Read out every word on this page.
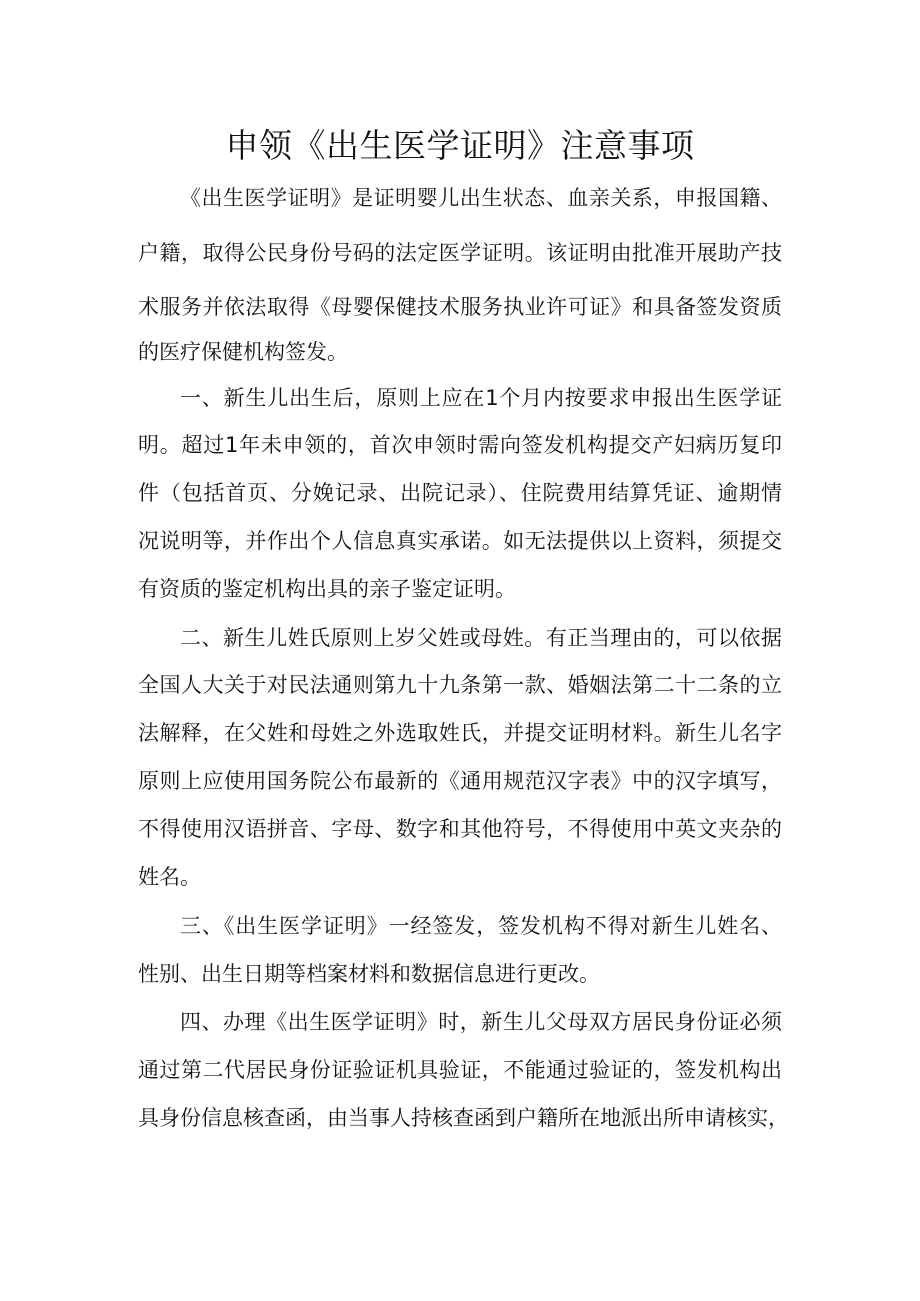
申领《出生医学证明》注意事项
《出生医学证明》是证明婴儿出生状态、血亲关系，申报国籍、
户籍，取得公民身份号码的法定医学证明。该证明由批准开展助产技
术服务并依法取得《母婴保健技术服务执业许可证》和具备签发资质
的医疗保健机构签发。
一、新生儿出生后，原则上应在1个月内按要求申报出生医学证
明。超过1年未申领的，首次申领时需向签发机构提交产妇病历复印
件（包括首页、分娩记录、出院记录）、住院费用结算凭证、逾期情
况说明等，并作出个人信息真实承诺。如无法提供以上资料，须提交
有资质的鉴定机构出具的亲子鉴定证明。
二、新生儿姓氏原则上岁父姓或母姓。有正当理由的，可以依据
全国人大关于对民法通则第九十九条第一款、婚姻法第二十二条的立
法解释，在父姓和母姓之外选取姓氏，并提交证明材料。新生儿名字
原则上应使用国务院公布最新的《通用规范汉字表》中的汉字填写，
不得使用汉语拼音、字母、数字和其他符号，不得使用中英文夹杂的
姓名。
三、《出生医学证明》一经签发，签发机构不得对新生儿姓名、
性别、出生日期等档案材料和数据信息进行更改。
四、办理《出生医学证明》时，新生儿父母双方居民身份证必须
通过第二代居民身份证验证机具验证，不能通过验证的，签发机构出
具身份信息核查函，由当事人持核查函到户籍所在地派出所申请核实，
